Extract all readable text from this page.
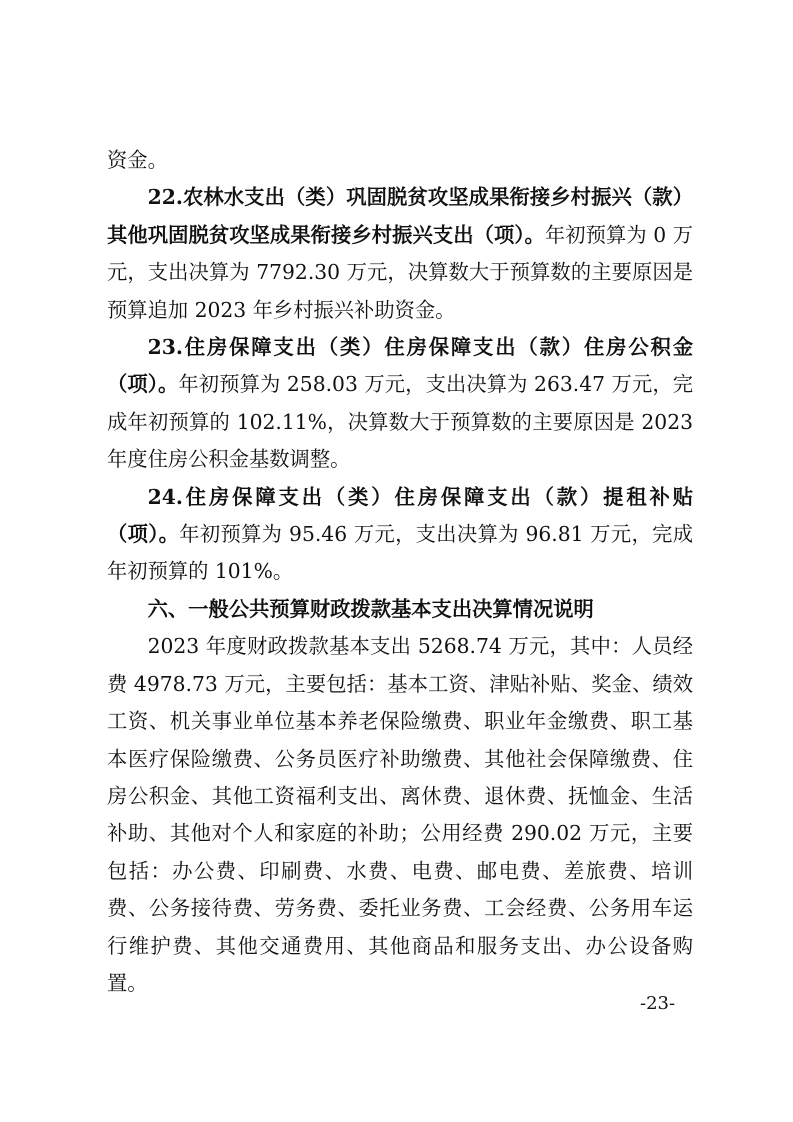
资金。

22.农林水支出（类）巩固脱贫攻坚成果衔接乡村振兴（款）其他巩固脱贫攻坚成果衔接乡村振兴支出（项）。年初预算为 0 万元，支出决算为 7792.30 万元，决算数大于预算数的主要原因是预算追加 2023 年乡村振兴补助资金。

23.住房保障支出（类）住房保障支出（款）住房公积金（项）。年初预算为 258.03 万元，支出决算为 263.47 万元，完成年初预算的 102.11%，决算数大于预算数的主要原因是 2023 年度住房公积金基数调整。

24.住房保障支出（类）住房保障支出（款）提租补贴（项）。年初预算为 95.46 万元，支出决算为 96.81 万元，完成年初预算的 101%。

六、一般公共预算财政拨款基本支出决算情况说明

2023 年度财政拨款基本支出 5268.74 万元，其中：人员经费 4978.73 万元，主要包括：基本工资、津贴补贴、奖金、绩效工资、机关事业单位基本养老保险缴费、职业年金缴费、职工基本医疗保险缴费、公务员医疗补助缴费、其他社会保障缴费、住房公积金、其他工资福利支出、离休费、退休费、抚恤金、生活补助、其他对个人和家庭的补助；公用经费 290.02 万元，主要包括：办公费、印刷费、水费、电费、邮电费、差旅费、培训费、公务接待费、劳务费、委托业务费、工会经费、公务用车运行维护费、其他交通费用、其他商品和服务支出、办公设备购置。

-23-
